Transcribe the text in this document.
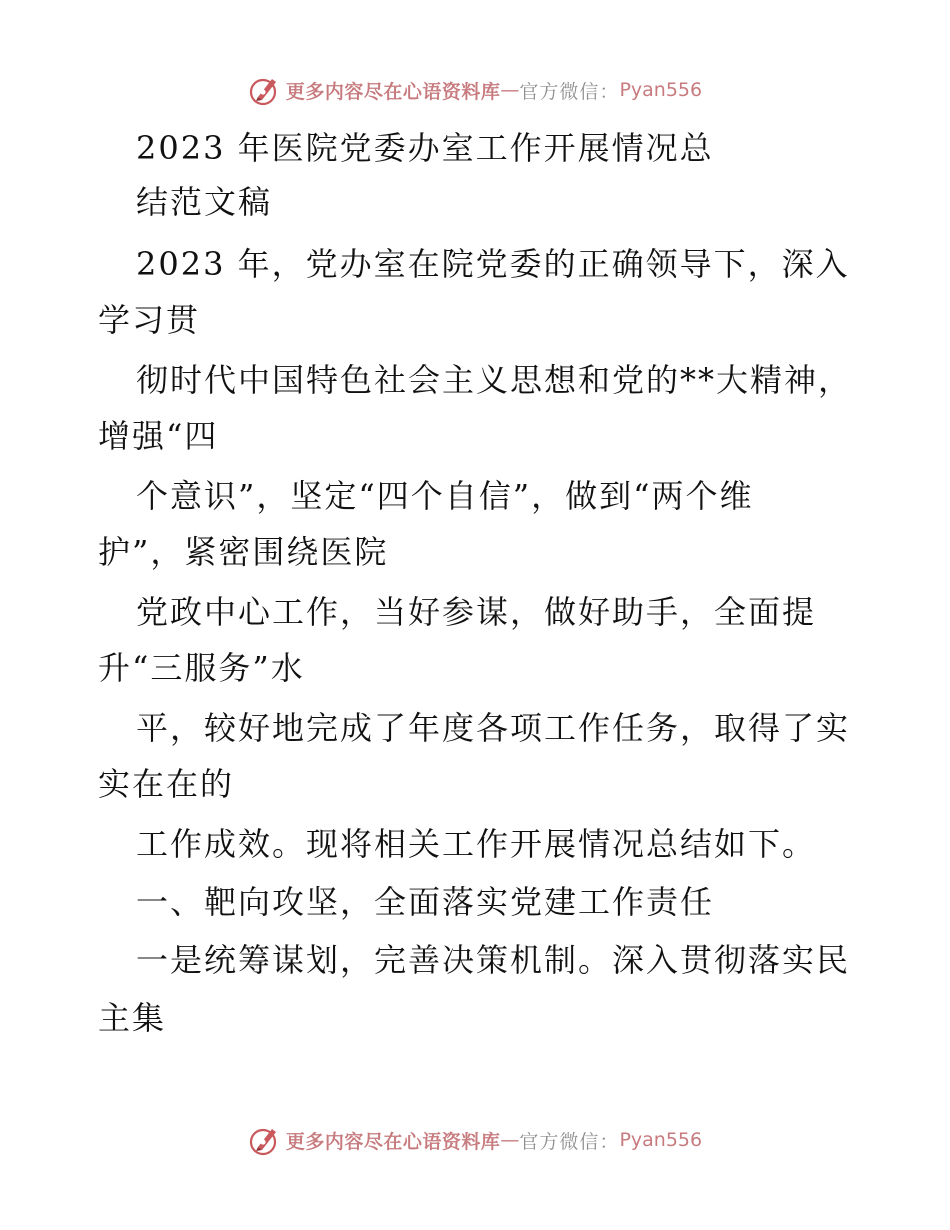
更多内容尽在心语资料库 — 官方微信： Pyan556
2023 年医院党委办室工作开展情况总
结范文稿
2023 年，党办室在院党委的正确领导下，深入
学习贯
彻时代中国特色社会主义思想和党的**大精神，
增强“四
个意识”，坚定“四个自信”，做到“两个维
护”，紧密围绕医院
党政中心工作，当好参谋，做好助手，全面提
升“三服务”水
平，较好地完成了年度各项工作任务，取得了实
实在在的
工作成效。现将相关工作开展情况总结如下。
一、靶向攻坚，全面落实党建工作责任
一是统筹谋划，完善决策机制。深入贯彻落实民
主集
更多内容尽在心语资料库 — 官方微信： Pyan556
